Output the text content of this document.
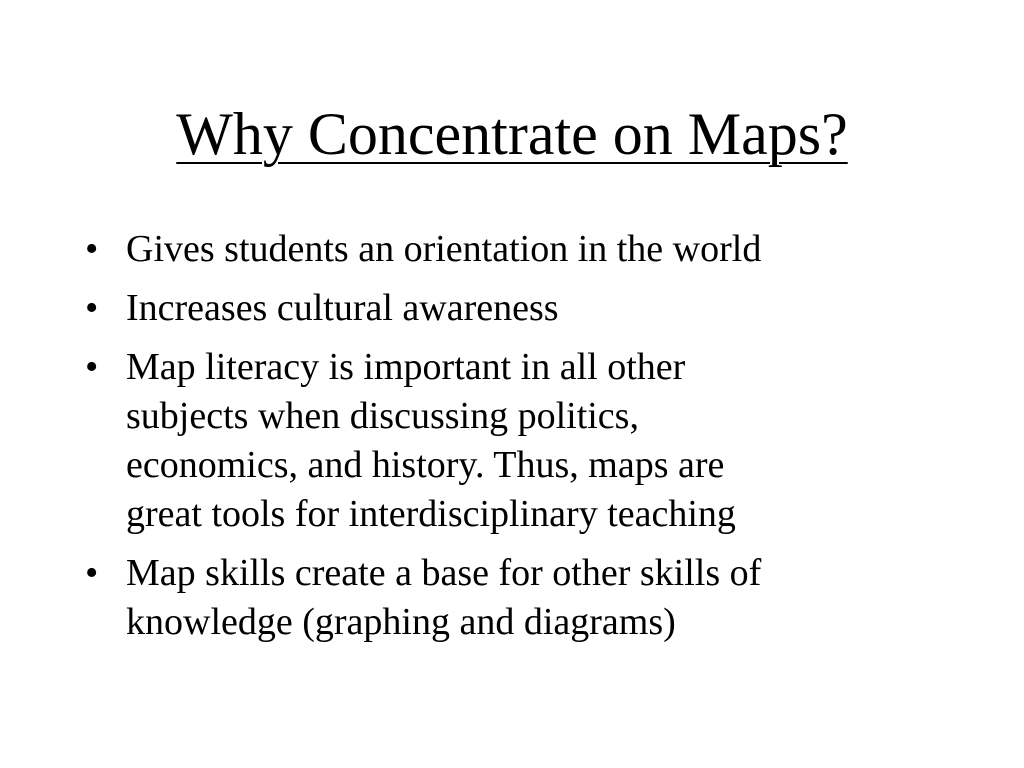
Why Concentrate on Maps?
• Gives students an orientation in the world
• Increases cultural awareness
• Map literacy is important in all other
subjects when discussing politics,
economics, and history. Thus, maps are
great tools for interdisciplinary teaching
• Map skills create a base for other skills of
knowledge (graphing and diagrams)
